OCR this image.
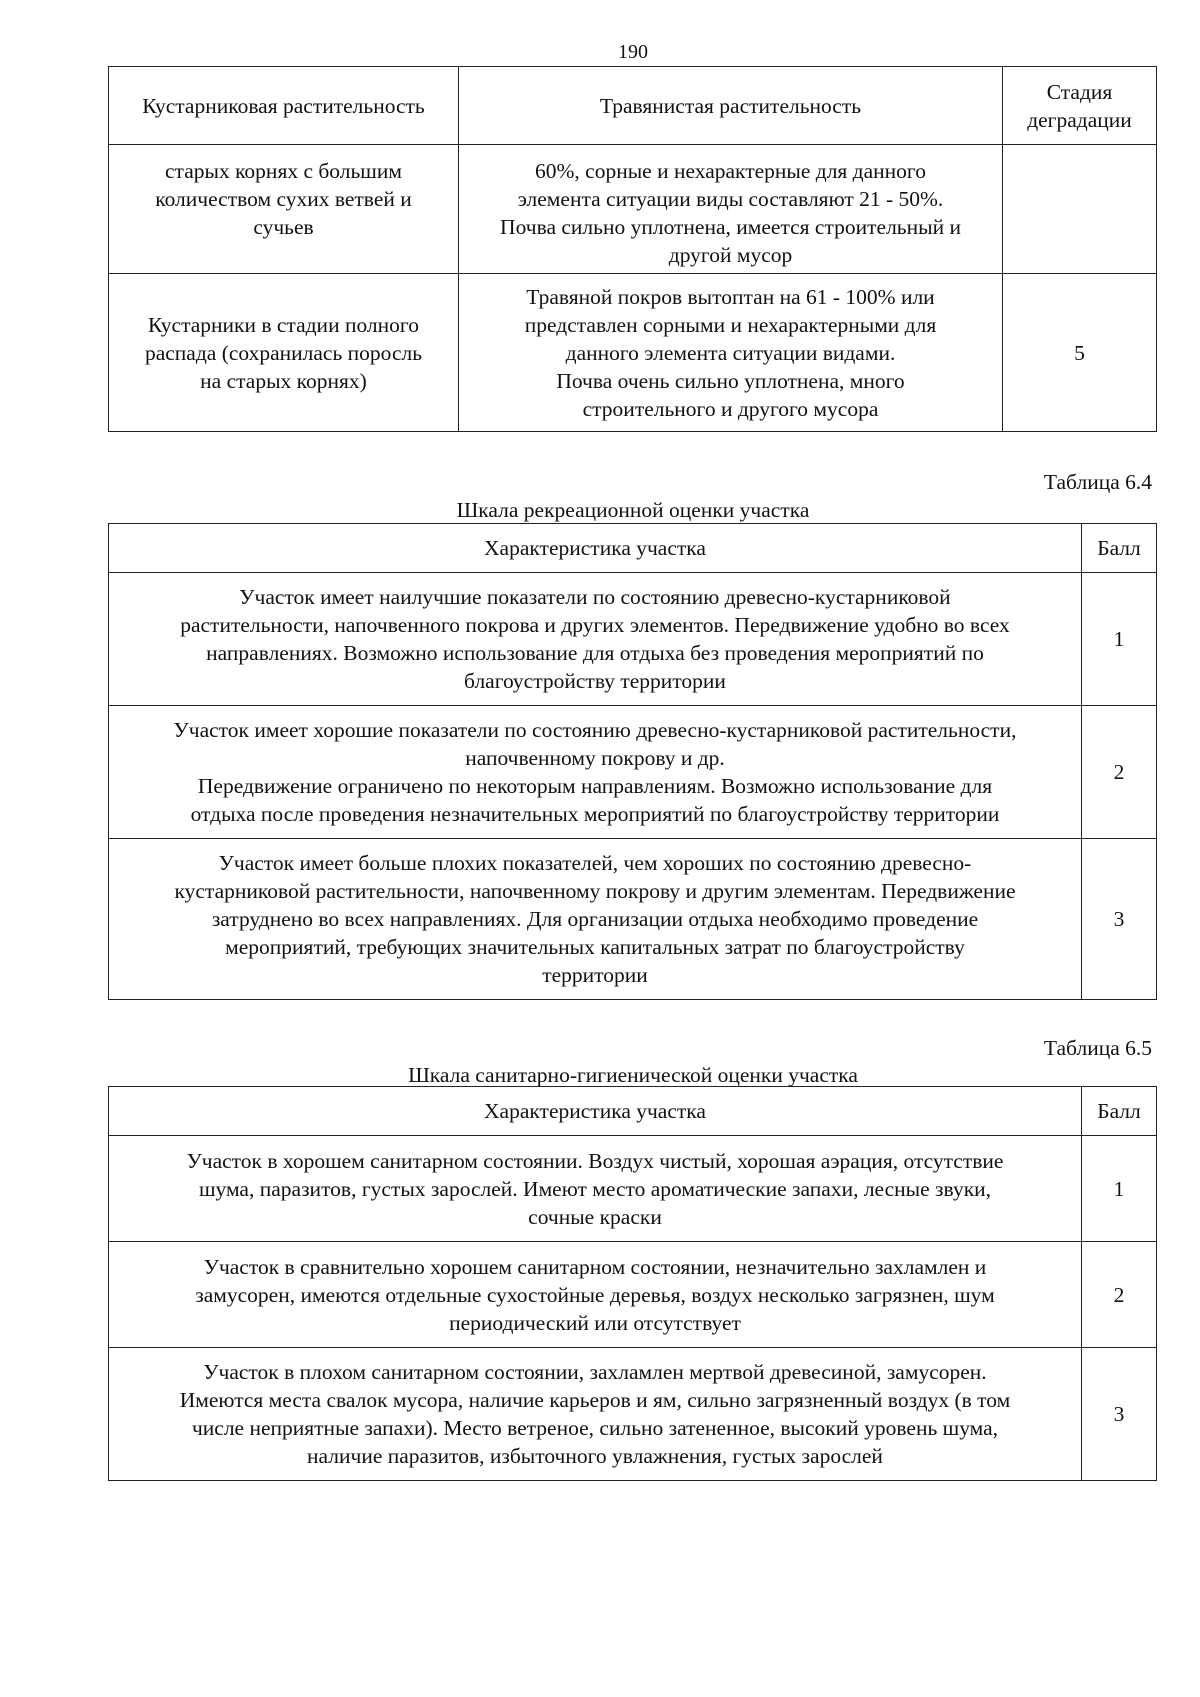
190
Кустарниковая растительность	Травянистая растительность	Стадия
деградации

старых корнях с большим
количеством сухих ветвей и
сучьев	60%, сорные и нехарактерные для данного
элемента ситуации виды составляют 21 - 50%.
Почва сильно уплотнена, имеется строительный и
другой мусор	

Кустарники в стадии полного
распада (сохранилась поросль
на старых корнях)	Травяной покров вытоптан на 61 - 100% или
представлен сорными и нехарактерными для
данного элемента ситуации видами.
Почва очень сильно уплотнена, много
строительного и другого мусора	5
Таблица 6.4
Шкала рекреационной оценки участка
Характеристика участка	Балл

Участок имеет наилучшие показатели по состоянию древесно-кустарниковой
растительности, напочвенного покрова и других элементов. Передвижение удобно во всех
направлениях. Возможно использование для отдыха без проведения мероприятий по
благоустройству территории	1

Участок имеет хорошие показатели по состоянию древесно-кустарниковой растительности,
напочвенному покрову и др.
Передвижение ограничено по некоторым направлениям. Возможно использование для
отдыха после проведения незначительных мероприятий по благоустройству территории	2

Участок имеет больше плохих показателей, чем хороших по состоянию древесно-
кустарниковой растительности, напочвенному покрову и другим элементам. Передвижение
затруднено во всех направлениях. Для организации отдыха необходимо проведение
мероприятий, требующих значительных капитальных затрат по благоустройству
территории	3
Таблица 6.5
Шкала санитарно-гигиенической оценки участка
Характеристика участка	Балл

Участок в хорошем санитарном состоянии. Воздух чистый, хорошая аэрация, отсутствие
шума, паразитов, густых зарослей. Имеют место ароматические запахи, лесные звуки,
сочные краски	1

Участок в сравнительно хорошем санитарном состоянии, незначительно захламлен и
замусорен, имеются отдельные сухостойные деревья, воздух несколько загрязнен, шум
периодический или отсутствует	2

Участок в плохом санитарном состоянии, захламлен мертвой древесиной, замусорен.
Имеются места свалок мусора, наличие карьеров и ям, сильно загрязненный воздух (в том
числе неприятные запахи). Место ветреное, сильно затененное, высокий уровень шума,
наличие паразитов, избыточного увлажнения, густых зарослей	3
